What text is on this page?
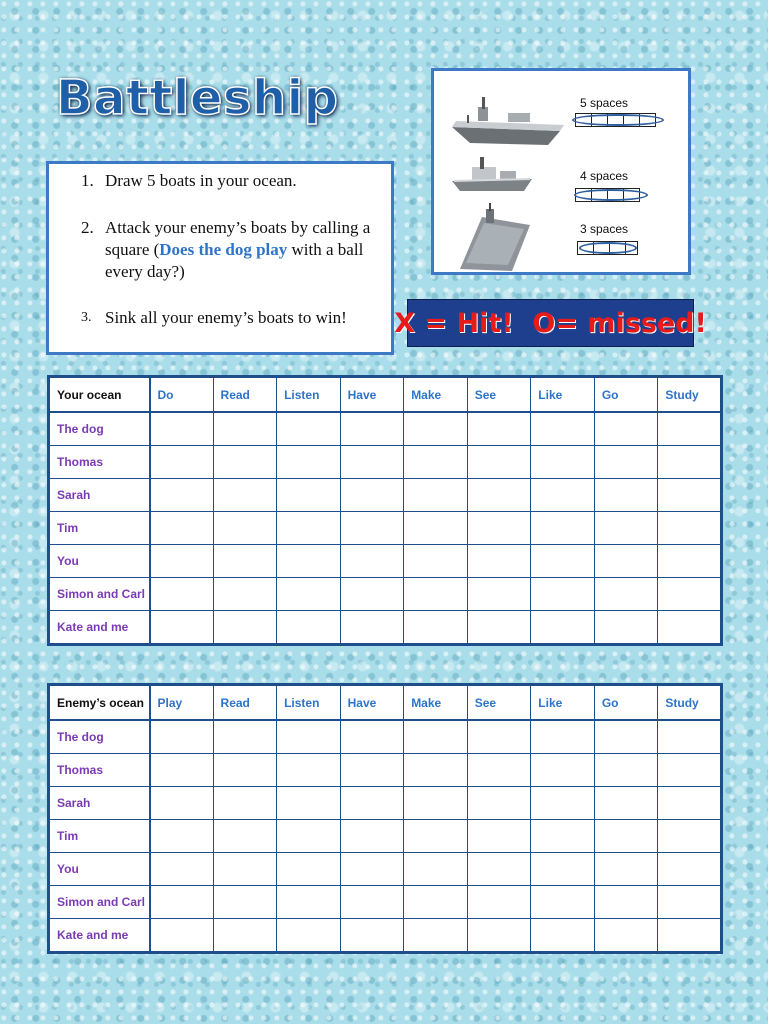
Battleship
1. Draw 5 boats in your ocean.
2. Attack your enemy’s boats by calling a square (Does the dog play with a ball every day?)
3. Sink all your enemy’s boats to win!
5 spaces
4 spaces
3 spaces
X = Hit!  O= missed!
Your ocean	Do	Read	Listen	Have	Make	See	Like	Go	Study
The dog									
Thomas									
Sarah									
Tim									
You									
Simon and Carl									
Kate and me									
Enemy’s ocean	Play	Read	Listen	Have	Make	See	Like	Go	Study
The dog									
Thomas									
Sarah									
Tim									
You									
Simon and Carl									
Kate and me									
